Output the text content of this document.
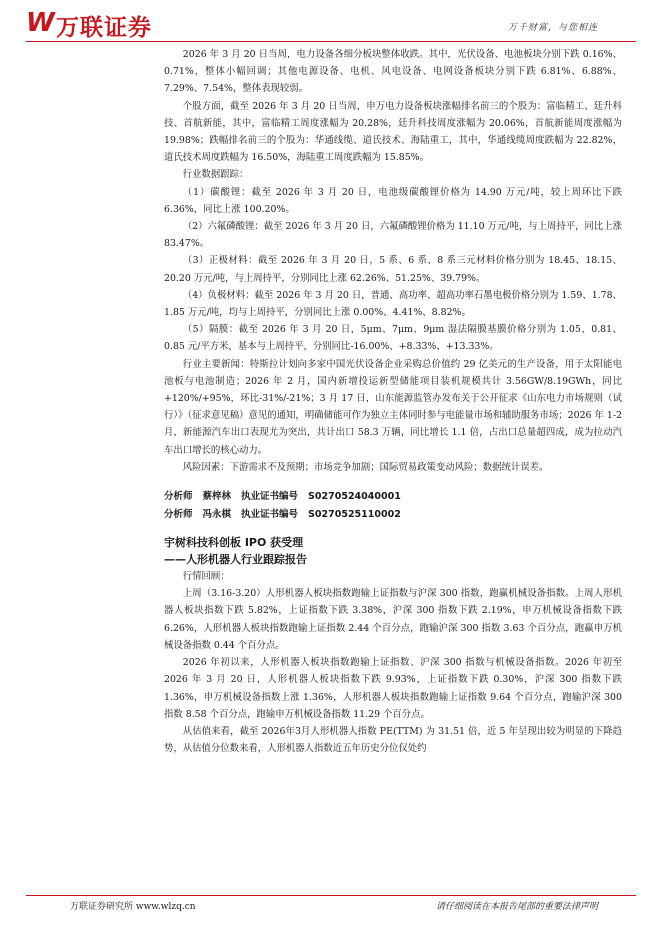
W 万联证券	万千财富，与您相连

2026 年 3 月 20 日当周，电力设备各细分板块整体收跌。其中，光伏设备、电池板块分别下跌 0.16%、0.71%，整体小幅回调；其他电源设备、电机、风电设备、电网设备板块分别下跌 6.81%、6.88%、7.29%、7.54%，整体表现较弱。

个股方面，截至 2026 年 3 月 20 日当周，申万电力设备板块涨幅排名前三的个股为：富临精工、廷升科技、首航新能，其中，富临精工周度涨幅为 20.28%，廷升科技周度涨幅为 20.06%，首航新能周度涨幅为 19.98%；跌幅排名前三的个股为：华通线缆、道氏技术、海陆重工，其中，华通线缆周度跌幅为 22.82%，道氏技术周度跌幅为 16.50%，海陆重工周度跌幅为 15.85%。

行业数据跟踪：

（1）碳酸锂：截至 2026 年 3 月 20 日，电池级碳酸锂价格为 14.90 万元/吨，较上周环比下跌 6.36%，同比上涨 100.20%。

（2）六氟磷酸锂：截至 2026 年 3 月 20 日，六氟磷酸锂价格为 11.10 万元/吨，与上周持平，同比上涨 83.47%。

（3）正极材料：截至 2026 年 3 月 20 日，5 系、6 系、8 系三元材料价格分别为 18.45、18.15、20.20 万元/吨，与上周持平，分别同比上涨 62.26%、51.25%、39.79%。

（4）负极材料：截至 2026 年 3 月 20 日，普通、高功率、超高功率石墨电极价格分别为 1.59、1.78、1.85 万元/吨，均与上周持平，分别同比上涨 0.00%、4.41%、8.82%。

（5）隔膜：截至 2026 年 3 月 20 日，5μm、7μm、9μm 湿法隔膜基膜价格分别为 1.05、0.81、0.85 元/平方米，基本与上周持平，分别同比-16.00%、+8.33%、+13.33%。

行业主要新闻：特斯拉计划向多家中国光伏设备企业采购总价值约 29 亿美元的生产设备，用于太阳能电池板与电池制造；2026 年 2 月，国内新增投运新型储能项目装机规模共计 3.56GW/8.19GWh，同比+120%/+95%，环比-31%/-21%；3 月 17 日，山东能源监管办发布关于公开征求《山东电力市场规则（试行）》（征求意见稿）意见的通知，明确储能可作为独立主体同时参与电能量市场和辅助服务市场；2026 年 1-2 月，新能源汽车出口表现尤为突出，共计出口 58.3 万辆，同比增长 1.1 倍，占出口总量超四成，成为拉动汽车出口增长的核心动力。

风险因素：下游需求不及预期；市场竞争加剧；国际贸易政策变动风险；数据统计误差。

分析师 蔡梓林 执业证书编号 S0270524040001
分析师 冯永棋 执业证书编号 S0270525110002
宇树科技科创板 IPO 获受理
——人形机器人行业跟踪报告

行情回顾：

上周（3.16-3.20）人形机器人板块指数跑输上证指数与沪深 300 指数，跑赢机械设备指数。上周人形机器人板块指数下跌 5.82%，上证指数下跌 3.38%，沪深 300 指数下跌 2.19%，申万机械设备指数下跌 6.26%，人形机器人板块指数跑输上证指数 2.44 个百分点，跑输沪深 300 指数 3.63 个百分点，跑赢申万机械设备指数 0.44 个百分点。

2026 年初以来，人形机器人板块指数跑输上证指数、沪深 300 指数与机械设备指数。2026 年初至 2026 年 3 月 20 日，人形机器人板块指数下跌 9.93%，上证指数下跌 0.30%，沪深 300 指数下跌 1.36%，申万机械设备指数上涨 1.36%，人形机器人板块指数跑输上证指数 9.64 个百分点，跑输沪深 300 指数 8.58 个百分点，跑输申万机械设备指数 11.29 个百分点。

从估值来看，截至 2026年3月人形机器人指数 PE(TTM) 为 31.51 倍，近 5 年呈现出较为明显的下降趋势，从估值分位数来看，人形机器人指数近五年历史分位仅处约

万联证券研究所 www.wlzq.cn	请仔细阅读在本报告尾部的重要法律声明
